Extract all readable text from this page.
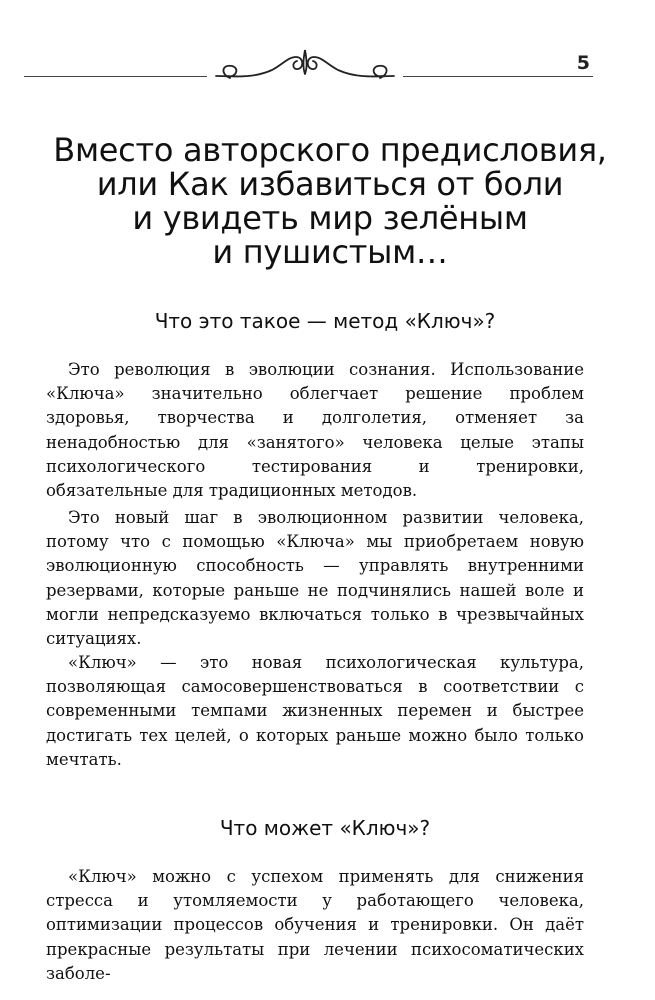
5
Вместо авторского предисловия,
или Как избавиться от боли
и увидеть мир зелёным
и пушистым…
Что это такое — метод «Ключ»?

Это революция в эволюции сознания. Использование «Ключа» значительно облегчает решение проблем здоровья, творчества и долголетия, отменяет за ненадобностью для «занятого» человека целые этапы психологического тестирования и тренировки, обязательные для традиционных методов.

Это новый шаг в эволюционном развитии человека, потому что с помощью «Ключа» мы приобретаем новую эволюционную способность — управлять внутренними резервами, которые раньше не подчинялись нашей воле и могли непредсказуемо включаться только в чрезвычайных ситуациях.

«Ключ» — это новая психологическая культура, позволяющая самосовершенствоваться в соответствии с современными темпами жизненных перемен и быстрее достигать тех целей, о которых раньше можно было только мечтать.

Что может «Ключ»?

«Ключ» можно с успехом применять для снижения стресса и утомляемости у работающего человека, оптимизации процессов обучения и тренировки. Он даёт прекрасные результаты при лечении психосоматических заболе-
